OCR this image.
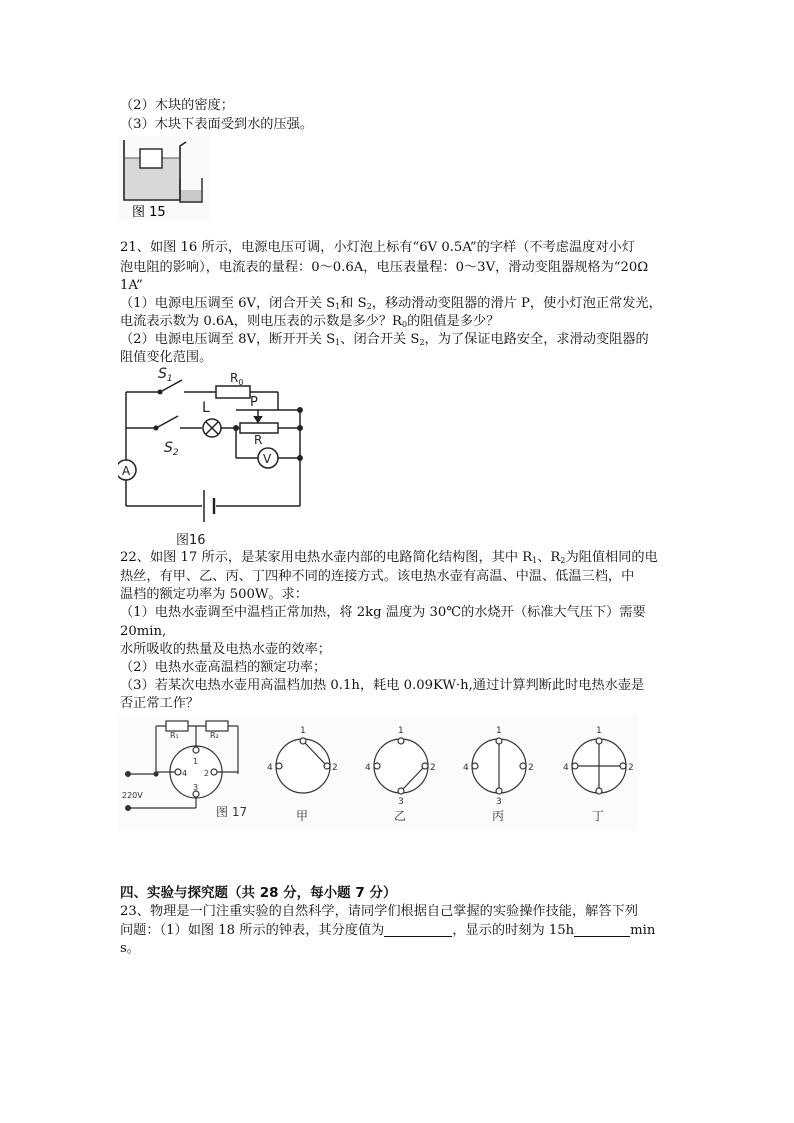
（2）木块的密度；
（3）木块下表面受到水的压强。
图 15
21、如图 16 所示，电源电压可调，小灯泡上标有“6V 0.5A”的字样（不考虑温度对小灯
泡电阻的影响），电流表的量程：0～0.6A，电压表量程：0～3V，滑动变阻器规格为“20Ω
1A”
（1）电源电压调至 6V，闭合开关 $S_1$和 $S_2$，移动滑动变阻器的滑片 P，使小灯泡正常发光，
电流表示数为 0.6A，则电压表的示数是多少？$R_0$的阻值是多少？
（2）电源电压调至 8V，断开开关 $S_1$、闭合开关 $S_2$，为了保证电路安全，求滑动变阻器的
阻值变化范围。
A
$S_1$	$R_0$
P
R
L
$S_2$	V
图16
22、如图 17 所示，是某家用电热水壶内部的电路简化结构图，其中 $R_1$、$R_2$为阻值相同的电
热丝，有甲、乙、丙、丁四种不同的连接方式。该电热水壶有高温、中温、低温三档，中
温档的额定功率为 500W。求：
（1）电热水壶调至中温档正常加热，将 2kg 温度为 30℃的水烧开（标准大气压下）需要
20min,
水所吸收的热量及电热水壶的效率；
（2）电热水壶高温档的额定功率；
（3）若某次电热水壶用高温档加热 0.1h，耗电 0.09KW·h,通过计算判断此时电热水壶是
否正常工作？
R₁	R₂
1
4 2
3
220V
图 17
1
4	2
甲
1
4	2
3
乙
1
4	2
3
丙
1
4	2
丁
四、实验与探究题（共 28 分，每小题 7 分）
23、物理是一门注重实验的自然科学，请同学们根据自己掌握的实验操作技能，解答下列
问题：（1）如图 18 所示的钟表，其分度值为	，显示的时刻为 15h	min
s。
